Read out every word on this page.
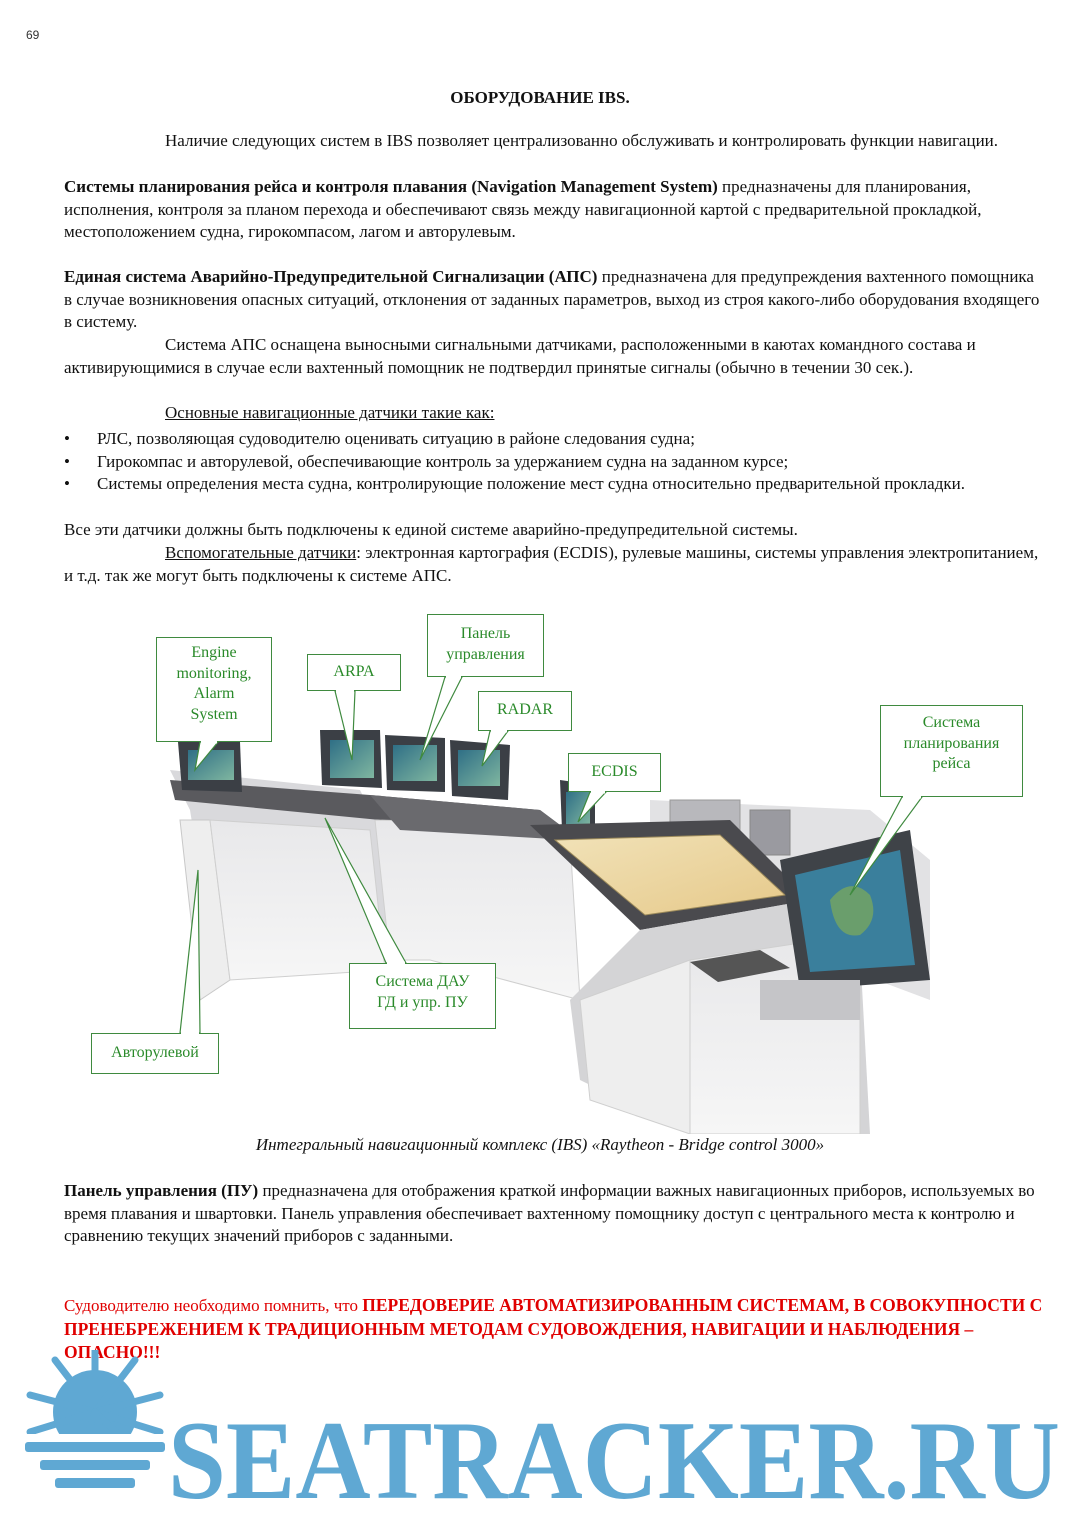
69
ОБОРУДОВАНИЕ IBS.
Наличие следующих систем в IBS позволяет централизованно обслуживать и контролировать функции навигации.
Системы планирования рейса и контроля плавания (Navigation Management System) предназначены для планирования, исполнения, контроля за планом перехода и обеспечивают связь между навигационной картой с предварительной прокладкой, местоположением судна, гирокомпасом, лагом и авторулевым.
Единая система Аварийно-Предупредительной Сигнализации (АПС) предназначена для предупреждения вахтенного помощника в случае возникновения опасных ситуаций, отклонения от заданных параметров, выход из строя какого-либо оборудования входящего в систему.
Система АПС оснащена выносными сигнальными датчиками, расположенными в каютах командного состава и активирующимися в случае если вахтенный помощник не подтвердил принятые сигналы (обычно в течении 30 сек.).
Основные навигационные датчики такие как:
• РЛС, позволяющая судоводителю оценивать ситуацию в районе следования судна;
• Гирокомпас и авторулевой, обеспечивающие контроль за удержанием судна на заданном курсе;
• Системы определения места судна, контролирующие положение мест судна относительно предварительной прокладки.
Все эти датчики должны быть подключены к единой системе аварийно-предупредительной системы.
Вспомогательные датчики: электронная картография (ECDIS), рулевые машины, системы управления электропитанием, и т.д. так же могут быть подключены к системе АПС.
Engine
monitoring,
Alarm
System
ARPA
Панель
управления
RADAR
ECDIS
Система
планирования
рейса
Система ДАУ
ГД и упр. ПУ
Авторулевой
Интегральный навигационный комплекс (IBS) «Raytheon - Bridge control 3000»
Панель управления (ПУ) предназначена для отображения краткой информации важных навигационных приборов, используемых во время плавания и швартовки. Панель управления обеспечивает вахтенному помощнику доступ с центрального места к контролю и сравнению текущих значений приборов с заданными.
Судоводителю необходимо помнить, что ПЕРЕДОВЕРИЕ АВТОМАТИЗИРОВАННЫМ СИСТЕМАМ, В СОВОКУПНОСТИ С ПРЕНЕБРЕЖЕНИЕМ К ТРАДИЦИОННЫМ МЕТОДАМ СУДОВОЖДЕНИЯ, НАВИГАЦИИ И НАБЛЮДЕНИЯ – ОПАСНО!!!
SEATRACKER.RU
